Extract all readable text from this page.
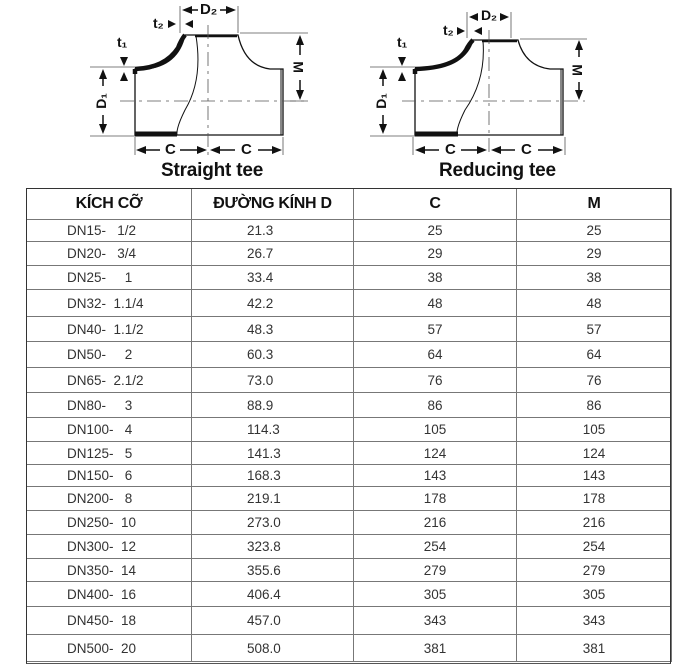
D₂
t₂
t₁
D₁
M
C	C
Straight tee
D₂
t₂
t₁
D₁
M
C	C
Reducing tee
KÍCH CỠ	ĐƯỜNG KÍNH D	C	M
DN15-   1/2	21.3	25	25
DN20-   3/4	26.7	29	29
DN25-     1	33.4	38	38
DN32-  1.1/4	42.2	48	48
DN40-  1.1/2	48.3	57	57
DN50-     2	60.3	64	64
DN65-  2.1/2	73.0	76	76
DN80-     3	88.9	86	86
DN100-   4	114.3	105	105
DN125-   5	141.3	124	124
DN150-   6	168.3	143	143
DN200-   8	219.1	178	178
DN250-  10	273.0	216	216
DN300-  12	323.8	254	254
DN350-  14	355.6	279	279
DN400-  16	406.4	305	305
DN450-  18	457.0	343	343
DN500-  20	508.0	381	381
